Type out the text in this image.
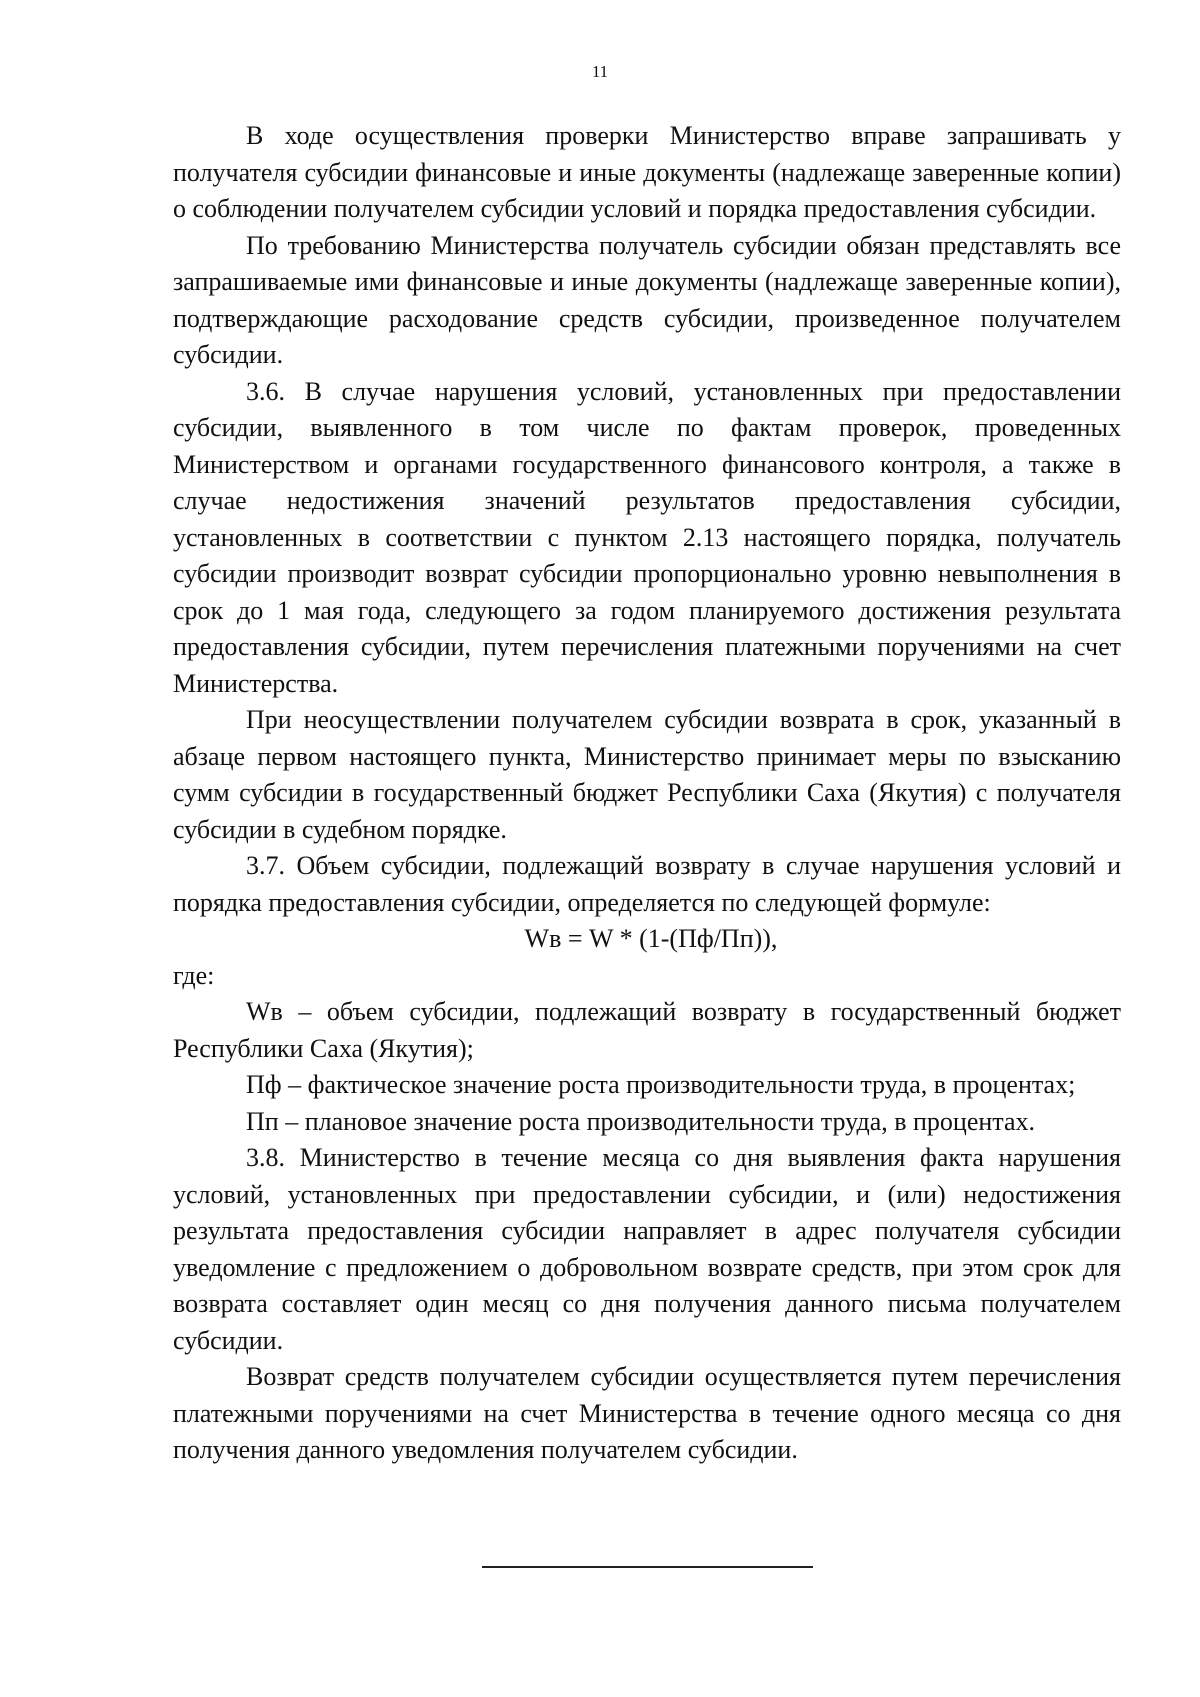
11

В ходе осуществления проверки Министерство вправе запрашивать у получателя субсидии финансовые и иные документы (надлежаще заверенные копии) о соблюдении получателем субсидии условий и порядка предоставления субсидии.

По требованию Министерства получатель субсидии обязан представлять все запрашиваемые ими финансовые и иные документы (надлежаще заверенные копии), подтверждающие расходование средств субсидии, произведенное получателем субсидии.

3.6. В случае нарушения условий, установленных при предоставлении субсидии, выявленного в том числе по фактам проверок, проведенных Министерством и органами государственного финансового контроля, а также в случае недостижения значений результатов предоставления субсидии, установленных в соответствии с пунктом 2.13 настоящего порядка, получатель субсидии производит возврат субсидии пропорционально уровню невыполнения в срок до 1 мая года, следующего за годом планируемого достижения результата предоставления субсидии, путем перечисления платежными поручениями на счет Министерства.

При неосуществлении получателем субсидии возврата в срок, указанный в абзаце первом настоящего пункта, Министерство принимает меры по взысканию сумм субсидии в государственный бюджет Республики Саха (Якутия) с получателя субсидии в судебном порядке.

3.7. Объем субсидии, подлежащий возврату в случае нарушения условий и порядка предоставления субсидии, определяется по следующей формуле:

Wв = W * (1-(Пф/Пп)),

где:

Wв – объем субсидии, подлежащий возврату в государственный бюджет Республики Саха (Якутия);

Пф – фактическое значение роста производительности труда, в процентах;

Пп – плановое значение роста производительности труда, в процентах.

3.8. Министерство в течение месяца со дня выявления факта нарушения условий, установленных при предоставлении субсидии, и (или) недостижения результата предоставления субсидии направляет в адрес получателя субсидии уведомление с предложением о добровольном возврате средств, при этом срок для возврата составляет один месяц со дня получения данного письма получателем субсидии.

Возврат средств получателем субсидии осуществляется путем перечисления платежными поручениями на счет Министерства в течение одного месяца со дня получения данного уведомления получателем субсидии.
